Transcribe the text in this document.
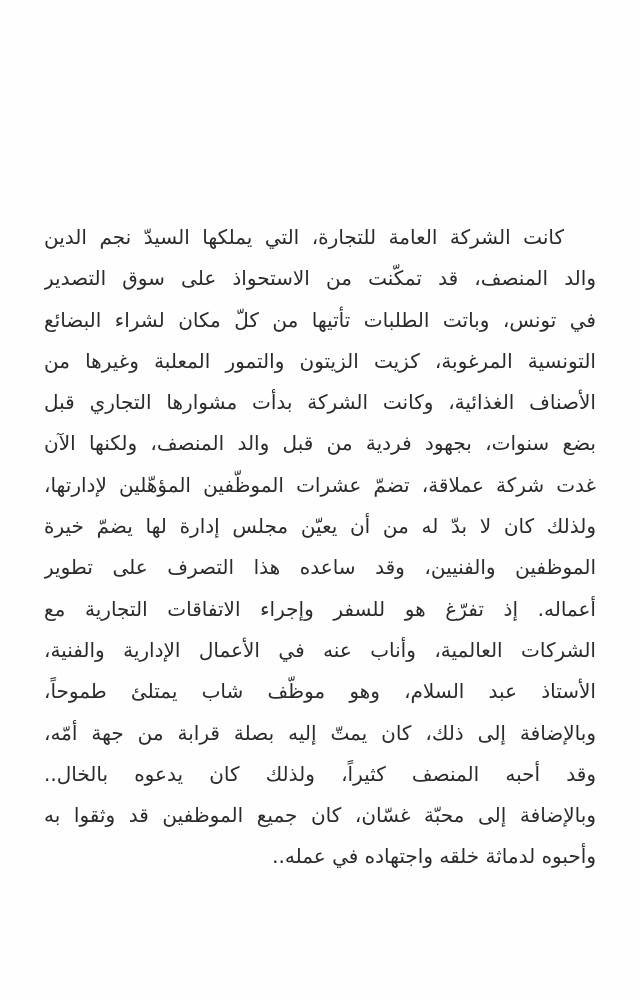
كانت الشركة العامة للتجارة، التي يملكها السيدّ نجم الدين
والد المنصف، قد تمكّنت من الاستحواذ على سوق التصدير
في تونس، وباتت الطلبات تأتيها من كلّ مكان لشراء البضائع
التونسية المرغوبة، كزيت الزيتون والتمور المعلبة وغيرها من
الأصناف الغذائية، وكانت الشركة بدأت مشوارها التجاري قبل
بضع سنوات، بجهود فردية من قبل والد المنصف، ولكنها الآن
غدت شركة عملاقة، تضمّ عشرات الموظّفين المؤهّلين لإدارتها،
ولذلك كان لا بدّ له من أن يعيّن مجلس إدارة لها يضمّ خيرة
الموظفين والفنيين، وقد ساعده هذا التصرف على تطوير
أعماله. إذ تفرّغ هو للسفر وإجراء الاتفاقات التجارية مع
الشركات العالمية، وأناب عنه في الأعمال الإدارية والفنية،
الأستاذ عبد السلام، وهو موظّف شاب يمتلئ طموحاً،
وبالإضافة إلى ذلك، كان يمتّ إليه بصلة قرابة من جهة أمّه،
وقد أحبه المنصف كثيراً، ولذلك كان يدعوه بالخال..
وبالإضافة إلى محبّة غسّان، كان جميع الموظفين قد وثقوا به
وأحبوه لدماثة خلقه واجتهاده في عمله..
